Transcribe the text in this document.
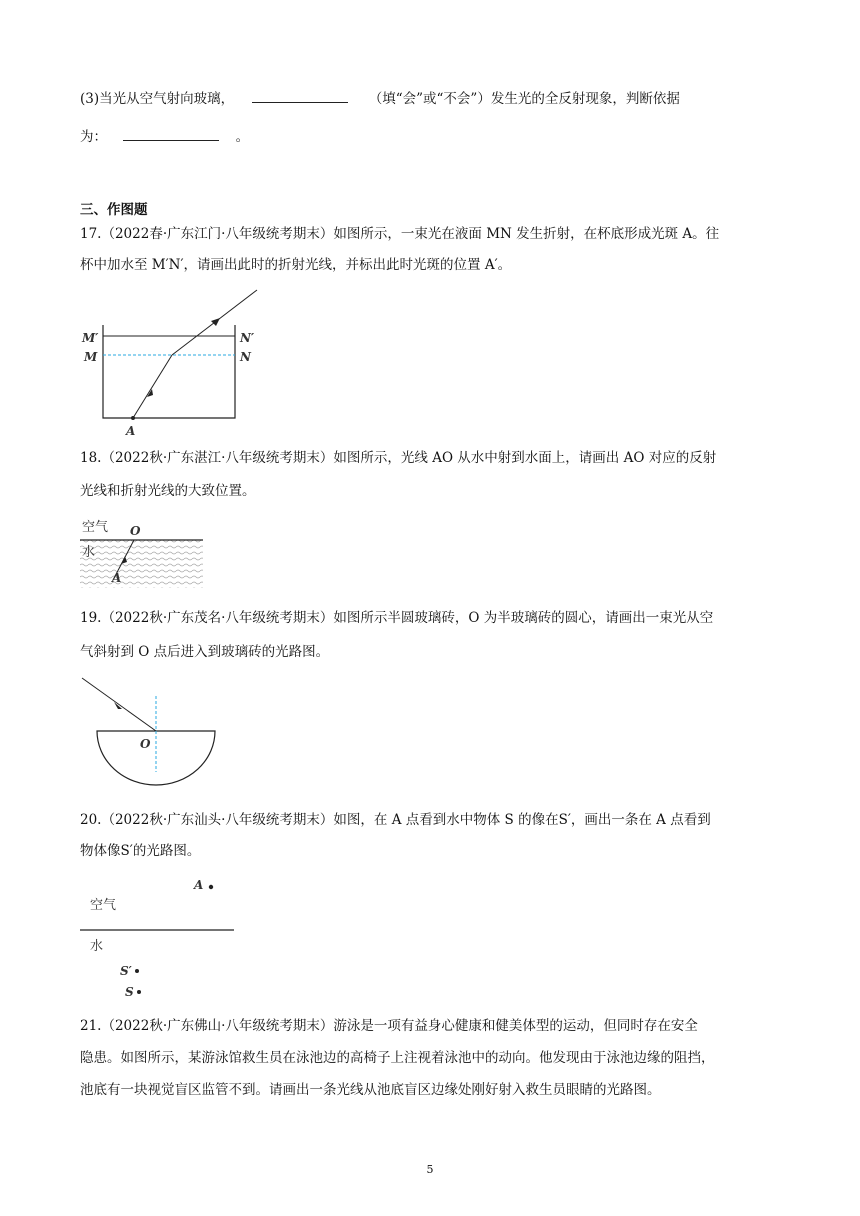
(3)当光从空气射向玻璃，	（填“会”或“不会”）发生光的全反射现象，判断依据
为：	。
三、作图题
17.（2022春·广东江门·八年级统考期末）如图所示，一束光在液面 MN 发生折射，在杯底形成光斑 A。往
杯中加水至 M′N′，请画出此时的折射光线，并标出此时光斑的位置 A′。
M′	N′
M	N
A
18.（2022秋·广东湛江·八年级统考期末）如图所示，光线 AO 从水中射到水面上，请画出 AO 对应的反射
光线和折射光线的大致位置。
空气
水
O
A
19.（2022秋·广东茂名·八年级统考期末）如图所示半圆玻璃砖，O 为半玻璃砖的圆心，请画出一束光从空
气斜射到 O 点后进入到玻璃砖的光路图。
O
20.（2022秋·广东汕头·八年级统考期末）如图，在 A 点看到水中物体 S 的像在S′，画出一条在 A 点看到
物体像S′的光路图。
A
空气
水
S′
S
21.（2022秋·广东佛山·八年级统考期末）游泳是一项有益身心健康和健美体型的运动，但同时存在安全
隐患。如图所示，某游泳馆救生员在泳池边的高椅子上注视着泳池中的动向。他发现由于泳池边缘的阻挡，
池底有一块视觉盲区监管不到。请画出一条光线从池底盲区边缘处刚好射入救生员眼睛的光路图。
5
